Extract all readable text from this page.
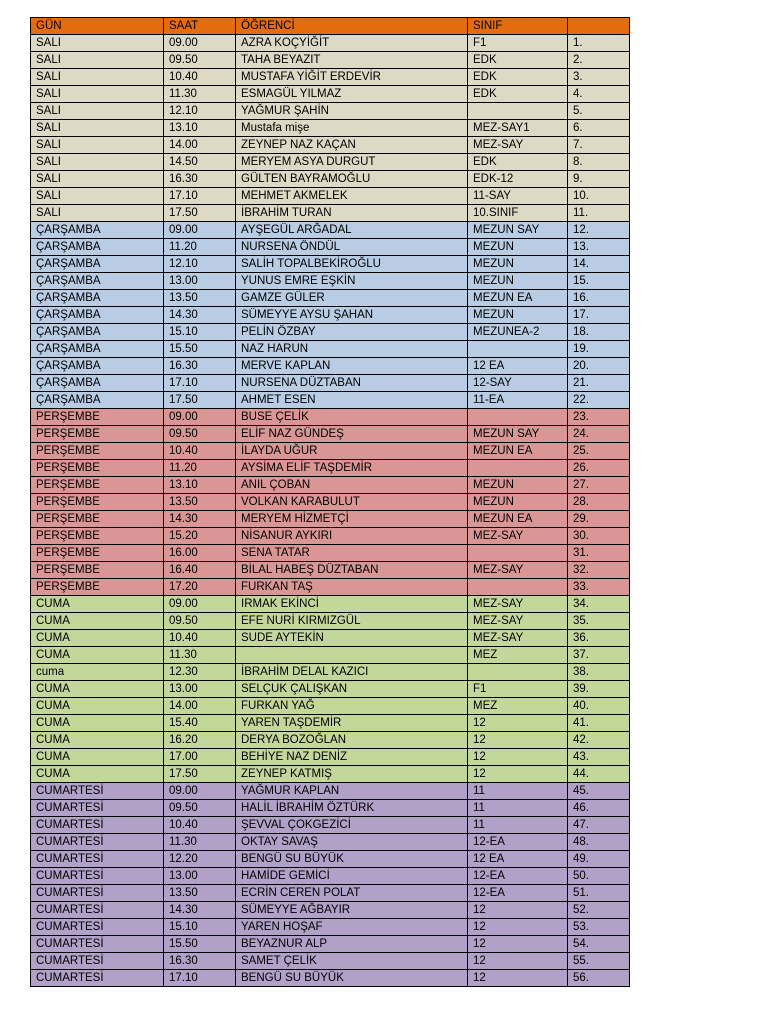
GÜN	SAAT	ÖĞRENCİ	SINIF	
SALI	09.00	AZRA KOÇYİĞİT	F1	1.
SALI	09.50	TAHA BEYAZIT	EDK	2.
SALI	10.40	MUSTAFA YİĞİT ERDEVİR	EDK	3.
SALI	11.30	ESMAGÜL YILMAZ	EDK	4.
SALI	12.10	YAĞMUR ŞAHİN		5.
SALI	13.10	Mustafa mişe	MEZ-SAY1	6.
SALI	14.00	ZEYNEP NAZ KAÇAN	MEZ-SAY	7.
SALI	14.50	MERYEM ASYA DURGUT	EDK	8.
SALI	16.30	GÜLTEN BAYRAMOĞLU	EDK-12	9.
SALI	17.10	MEHMET AKMELEK	11-SAY	10.
SALI	17.50	İBRAHİM TURAN	10.SINIF	11.
ÇARŞAMBA	09.00	AYŞEGÜL ARĞADAL	MEZUN SAY	12.
ÇARŞAMBA	11.20	NURSENA ÖNDÜL	MEZUN	13.
ÇARŞAMBA	12.10	SALİH TOPALBEKİROĞLU	MEZUN	14.
ÇARŞAMBA	13.00	YUNUS EMRE EŞKİN	MEZUN	15.
ÇARŞAMBA	13.50	GAMZE GÜLER	MEZUN EA	16.
ÇARŞAMBA	14.30	SÜMEYYE AYSU ŞAHAN	MEZUN	17.
ÇARŞAMBA	15.10	PELİN ÖZBAY	MEZUNEA-2	18.
ÇARŞAMBA	15.50	NAZ HARUN		19.
ÇARŞAMBA	16.30	MERVE KAPLAN	12 EA	20.
ÇARŞAMBA	17.10	NURSENA DÜZTABAN	12-SAY	21.
ÇARŞAMBA	17.50	AHMET ESEN	11-EA	22.
PERŞEMBE	09.00	BUSE ÇELİK		23.
PERŞEMBE	09.50	ELİF NAZ GÜNDEŞ	MEZUN SAY	24.
PERŞEMBE	10.40	İLAYDA UĞUR	MEZUN EA	25.
PERŞEMBE	11.20	AYSİMA ELİF TAŞDEMİR		26.
PERŞEMBE	13.10	ANIL ÇOBAN	MEZUN	27.
PERŞEMBE	13.50	VOLKAN KARABULUT	MEZUN	28.
PERŞEMBE	14.30	MERYEM HİZMETÇİ	MEZUN EA	29.
PERŞEMBE	15.20	NİSANUR AYKIRI	MEZ-SAY	30.
PERŞEMBE	16.00	SENA TATAR		31.
PERŞEMBE	16.40	BİLAL HABEŞ DÜZTABAN	MEZ-SAY	32.
PERŞEMBE	17.20	FURKAN TAŞ		33.
CUMA	09.00	IRMAK EKİNCİ	MEZ-SAY	34.
CUMA	09.50	EFE NURİ KIRMIZGÜL	MEZ-SAY	35.
CUMA	10.40	SUDE AYTEKİN	MEZ-SAY	36.
CUMA	11.30		MEZ	37.
cuma	12.30	İBRAHİM DELAL KAZICI		38.
CUMA	13.00	SELÇUK ÇALIŞKAN	F1	39.
CUMA	14.00	FURKAN YAĞ	MEZ	40.
CUMA	15.40	YAREN TAŞDEMİR	12	41.
CUMA	16.20	DERYA BOZOĞLAN	12	42.
CUMA	17.00	BEHİYE NAZ DENİZ	12	43.
CUMA	17.50	ZEYNEP KATMIŞ	12	44.
CUMARTESİ	09.00	YAĞMUR KAPLAN	11	45.
CUMARTESİ	09.50	HALİL İBRAHİM ÖZTÜRK	11	46.
CUMARTESİ	10.40	ŞEVVAL ÇOKGEZİCİ	11	47.
CUMARTESİ	11.30	OKTAY SAVAŞ	12-EA	48.
CUMARTESİ	12.20	BENGÜ SU BÜYÜK	12 EA	49.
CUMARTESİ	13.00	HAMİDE GEMİCİ	12-EA	50.
CUMARTESİ	13.50	ECRİN CEREN POLAT	12-EA	51.
CUMARTESİ	14.30	SÜMEYYE AĞBAYIR	12	52.
CUMARTESİ	15.10	YAREN HOŞAF	12	53.
CUMARTESİ	15.50	BEYAZNUR ALP	12	54.
CUMARTESİ	16.30	SAMET ÇELİK	12	55.
CUMARTESİ	17.10	BENGÜ SU BÜYÜK	12	56.
